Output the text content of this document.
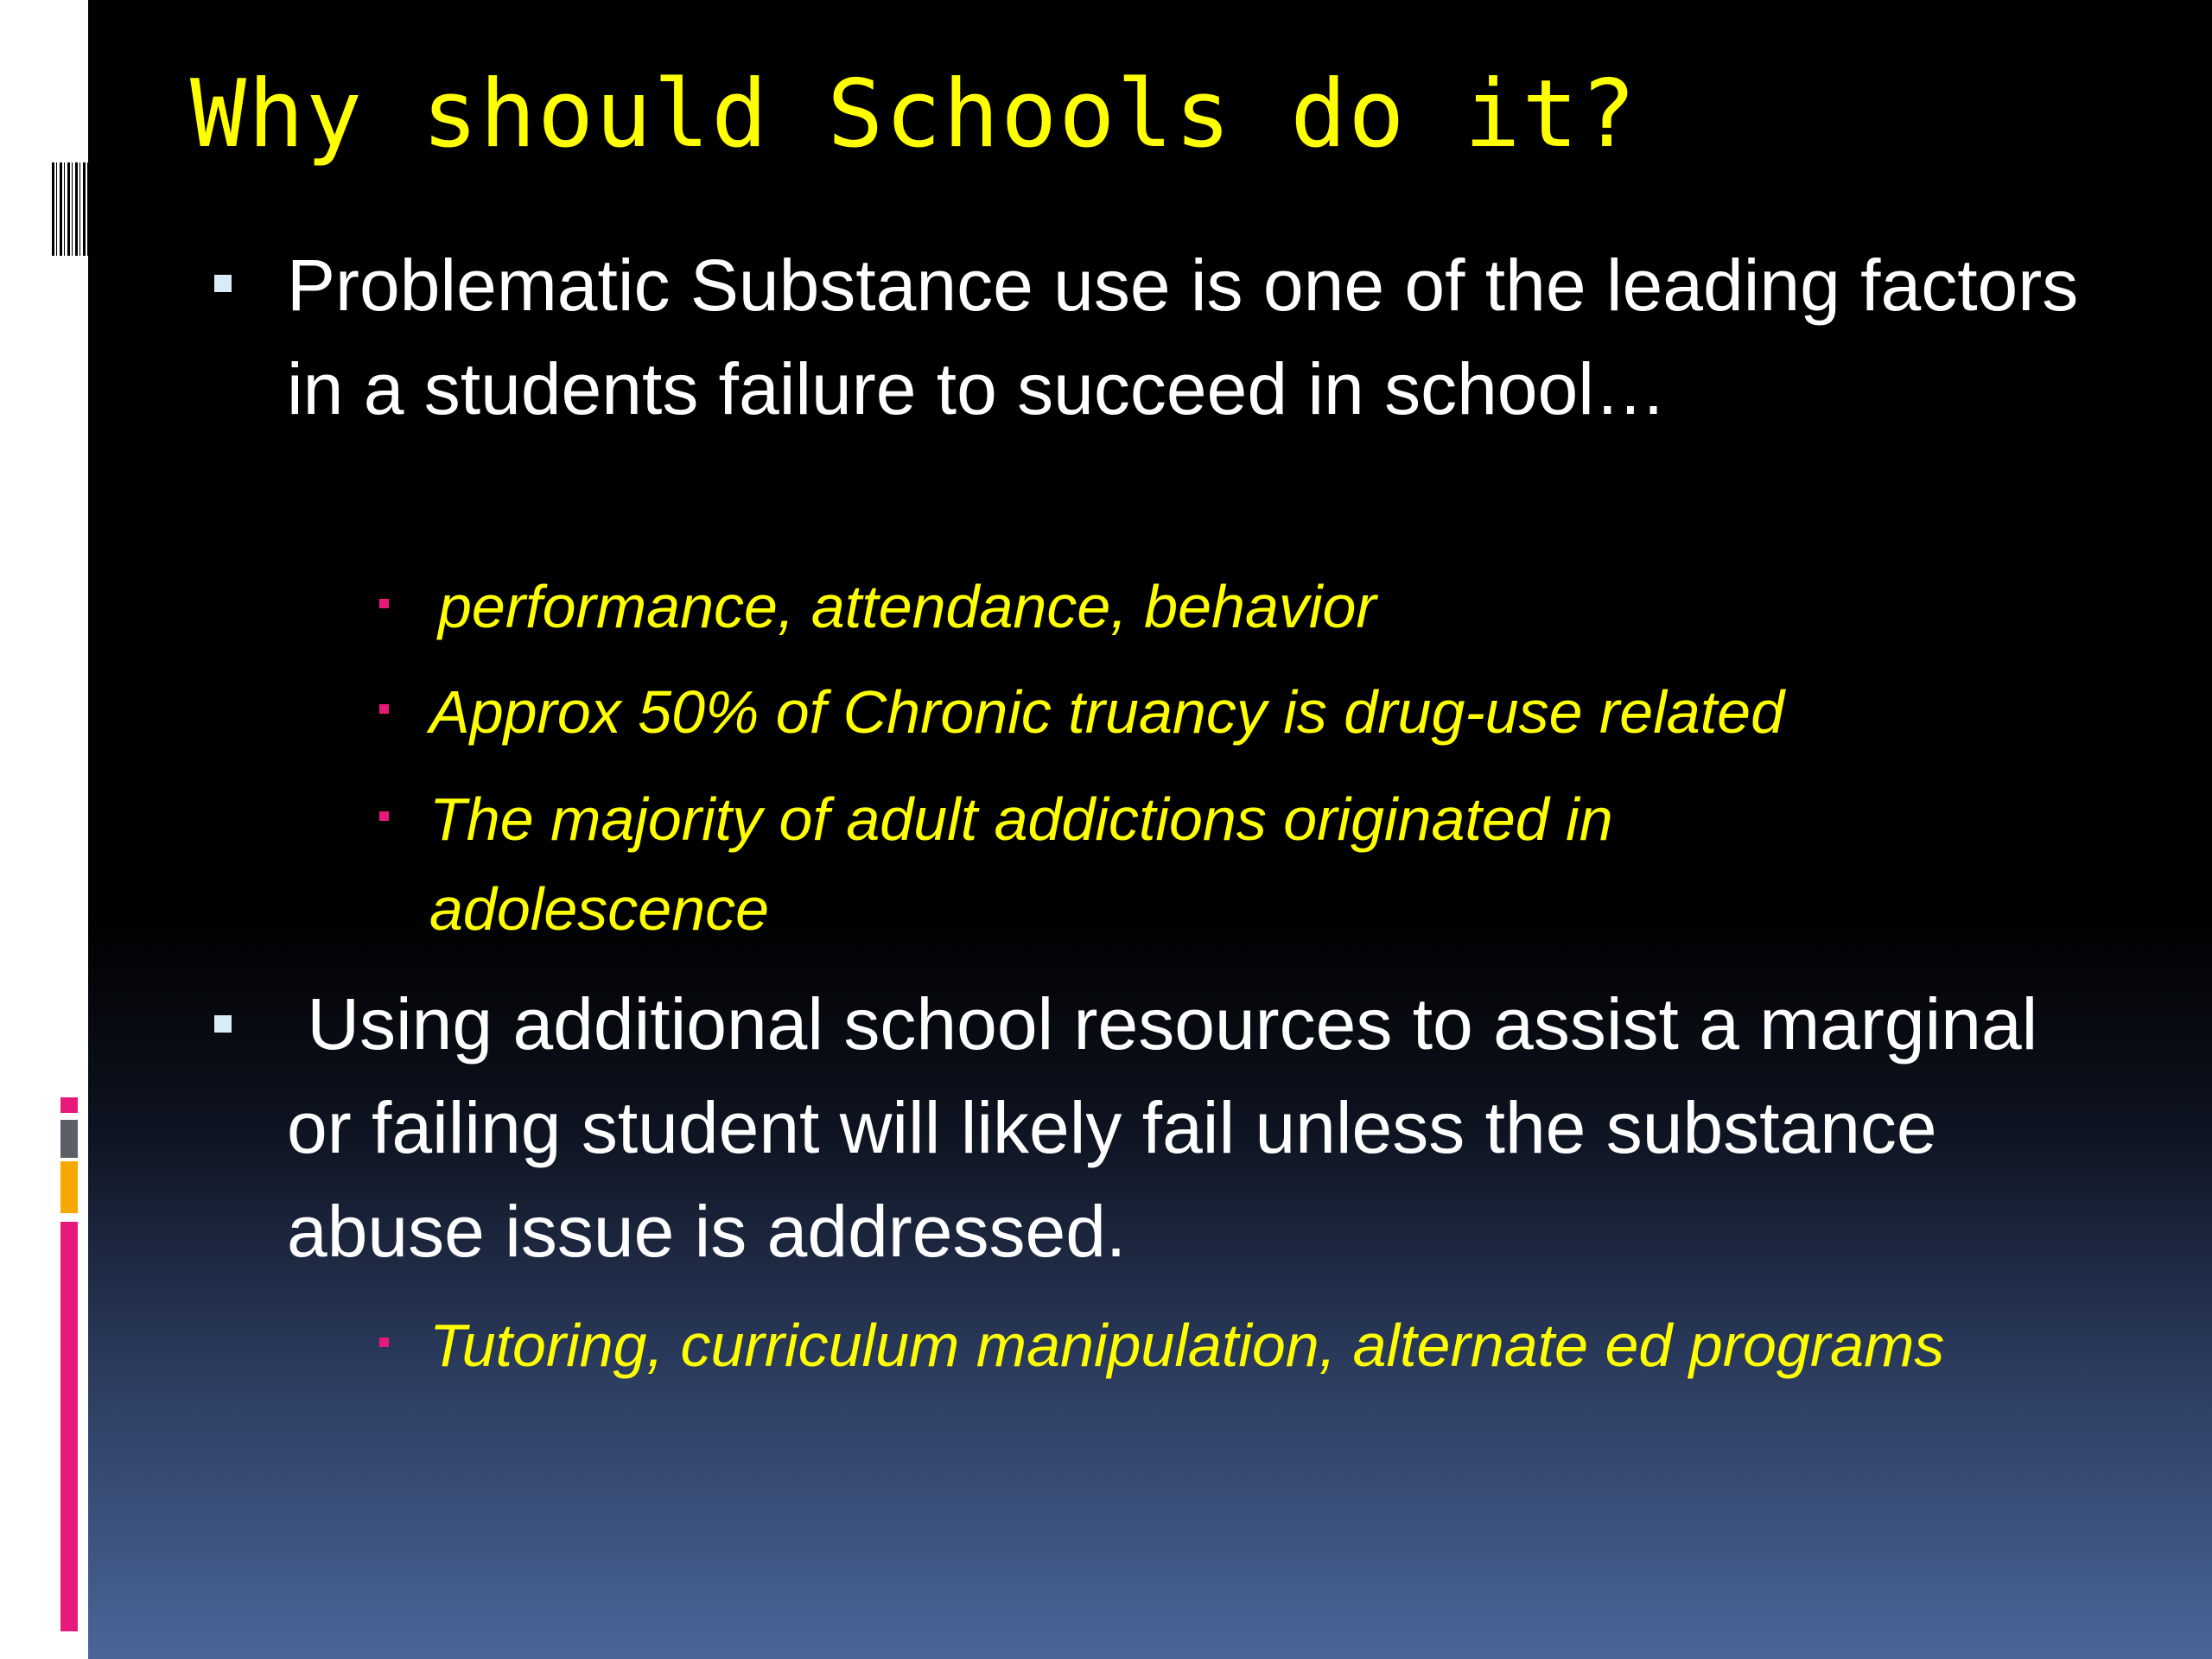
Why should Schools do it?
Problematic Substance use is one of the leading factors in a students failure to succeed in school…
performance, attendance, behavior
Approx 50% of Chronic truancy is drug-use related
The majority of adult addictions originated in adolescence
Using additional school resources to assist a marginal or failing student will likely fail unless the substance abuse issue is addressed.
Tutoring, curriculum manipulation, alternate ed programs
